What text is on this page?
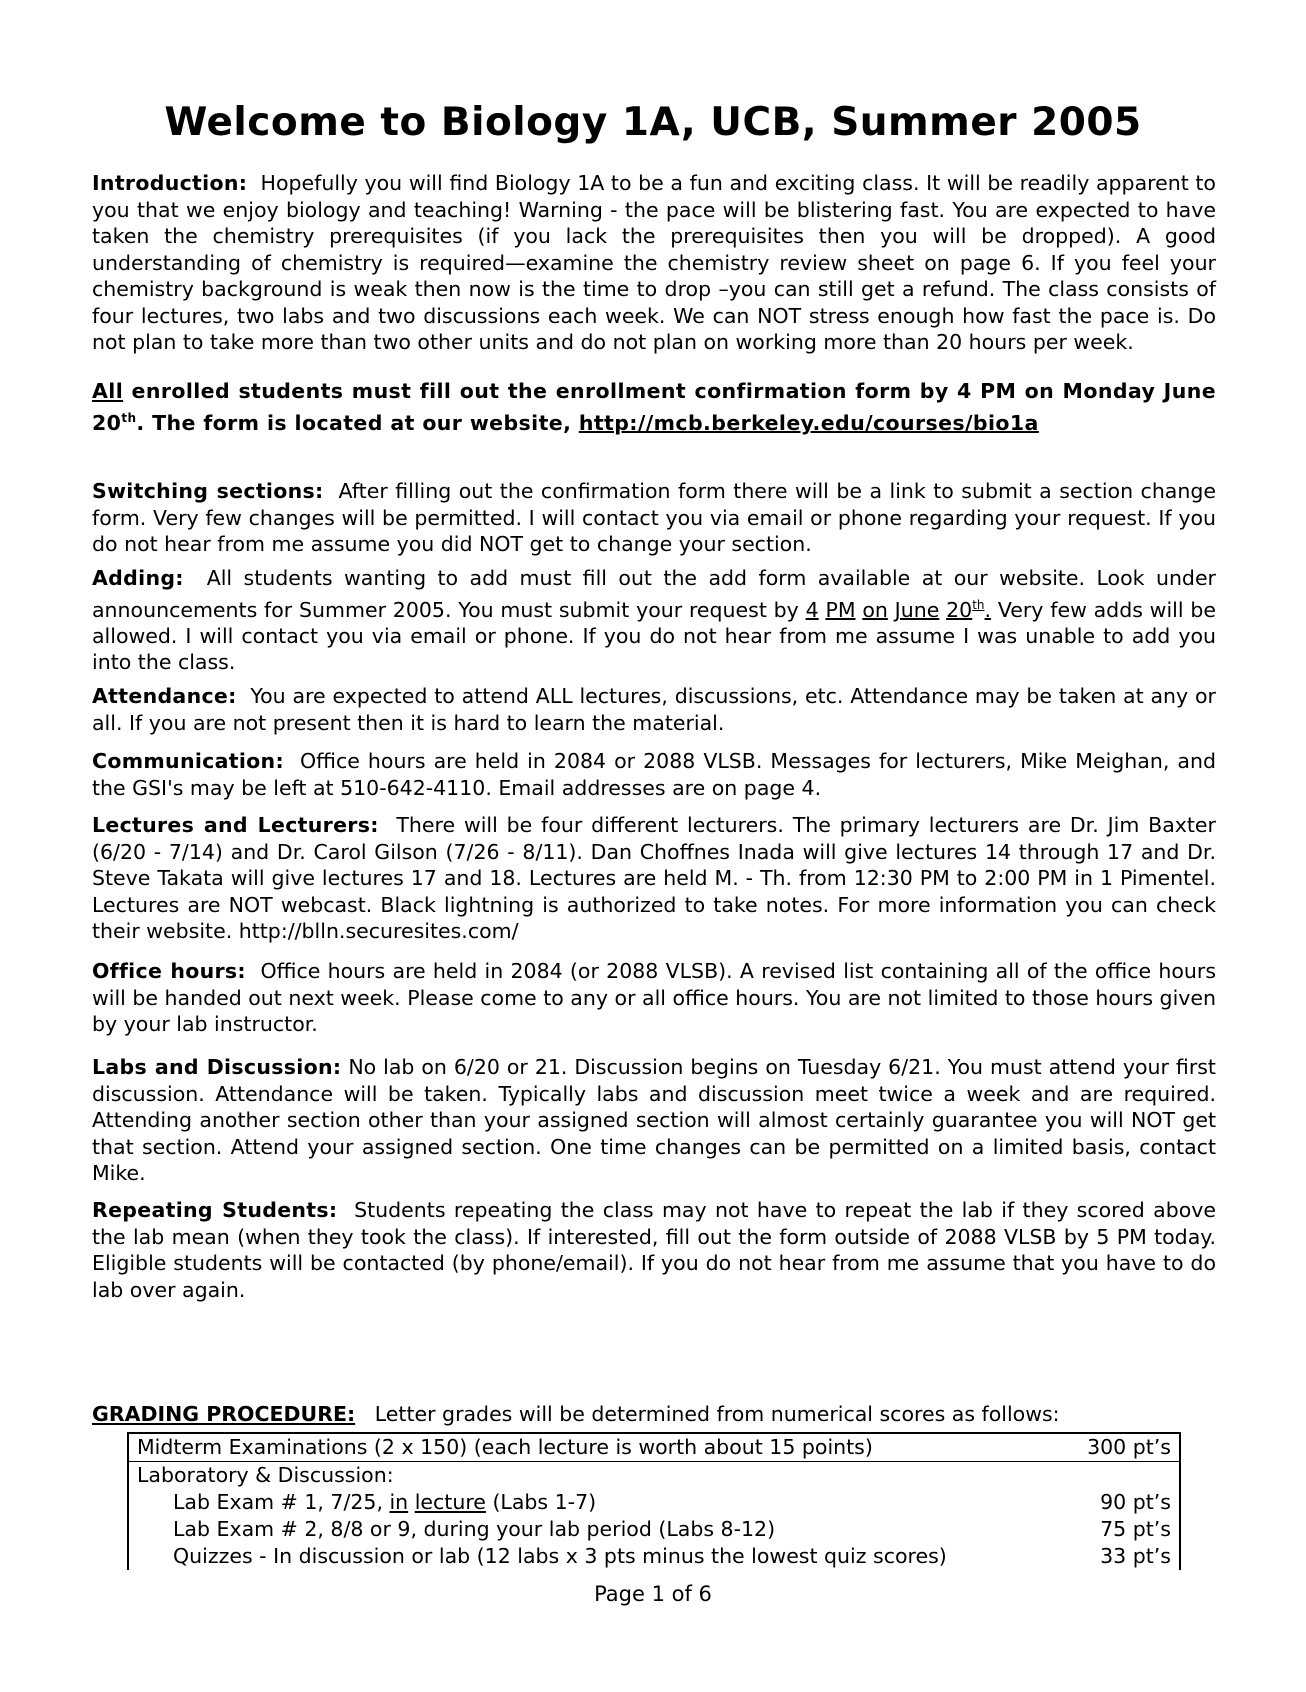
Welcome to Biology 1A, UCB, Summer 2005
Introduction: Hopefully you will find Biology 1A to be a fun and exciting class. It will be readily apparent to you that we enjoy biology and teaching! Warning - the pace will be blistering fast. You are expected to have taken the chemistry prerequisites (if you lack the prerequisites then you will be dropped). A good understanding of chemistry is required—examine the chemistry review sheet on page 6. If you feel your chemistry background is weak then now is the time to drop –you can still get a refund. The class consists of four lectures, two labs and two discussions each week. We can NOT stress enough how fast the pace is. Do not plan to take more than two other units and do not plan on working more than 20 hours per week.
All enrolled students must fill out the enrollment confirmation form by 4 PM on Monday June 20th. The form is located at our website, http://mcb.berkeley.edu/courses/bio1a
Switching sections: After filling out the confirmation form there will be a link to submit a section change form. Very few changes will be permitted. I will contact you via email or phone regarding your request. If you do not hear from me assume you did NOT get to change your section.
Adding: All students wanting to add must fill out the add form available at our website. Look under announcements for Summer 2005. You must submit your request by 4 PM on June 20th. Very few adds will be allowed. I will contact you via email or phone. If you do not hear from me assume I was unable to add you into the class.
Attendance: You are expected to attend ALL lectures, discussions, etc. Attendance may be taken at any or all. If you are not present then it is hard to learn the material.
Communication: Office hours are held in 2084 or 2088 VLSB. Messages for lecturers, Mike Meighan, and the GSI's may be left at 510-642-4110. Email addresses are on page 4.
Lectures and Lecturers: There will be four different lecturers. The primary lecturers are Dr. Jim Baxter (6/20 - 7/14) and Dr. Carol Gilson (7/26 - 8/11). Dan Choffnes Inada will give lectures 14 through 17 and Dr. Steve Takata will give lectures 17 and 18. Lectures are held M. - Th. from 12:30 PM to 2:00 PM in 1 Pimentel. Lectures are NOT webcast. Black lightning is authorized to take notes. For more information you can check their website. http://blln.securesites.com/
Office hours: Office hours are held in 2084 (or 2088 VLSB). A revised list containing all of the office hours will be handed out next week. Please come to any or all office hours. You are not limited to those hours given by your lab instructor.
Labs and Discussion: No lab on 6/20 or 21. Discussion begins on Tuesday 6/21. You must attend your first discussion. Attendance will be taken. Typically labs and discussion meet twice a week and are required. Attending another section other than your assigned section will almost certainly guarantee you will NOT get that section. Attend your assigned section. One time changes can be permitted on a limited basis, contact Mike.
Repeating Students: Students repeating the class may not have to repeat the lab if they scored above the lab mean (when they took the class). If interested, fill out the form outside of 2088 VLSB by 5 PM today. Eligible students will be contacted (by phone/email). If you do not hear from me assume that you have to do lab over again.
GRADING PROCEDURE: Letter grades will be determined from numerical scores as follows:
Midterm Examinations (2 x 150) (each lecture is worth about 15 points)	300 pt’s
Laboratory & Discussion:
Lab Exam # 1, 7/25, in lecture (Labs 1-7)	90 pt’s
Lab Exam # 2, 8/8 or 9, during your lab period (Labs 8-12)	75 pt’s
Quizzes - In discussion or lab (12 labs x 3 pts minus the lowest quiz scores)	33 pt’s
Page 1 of 6
